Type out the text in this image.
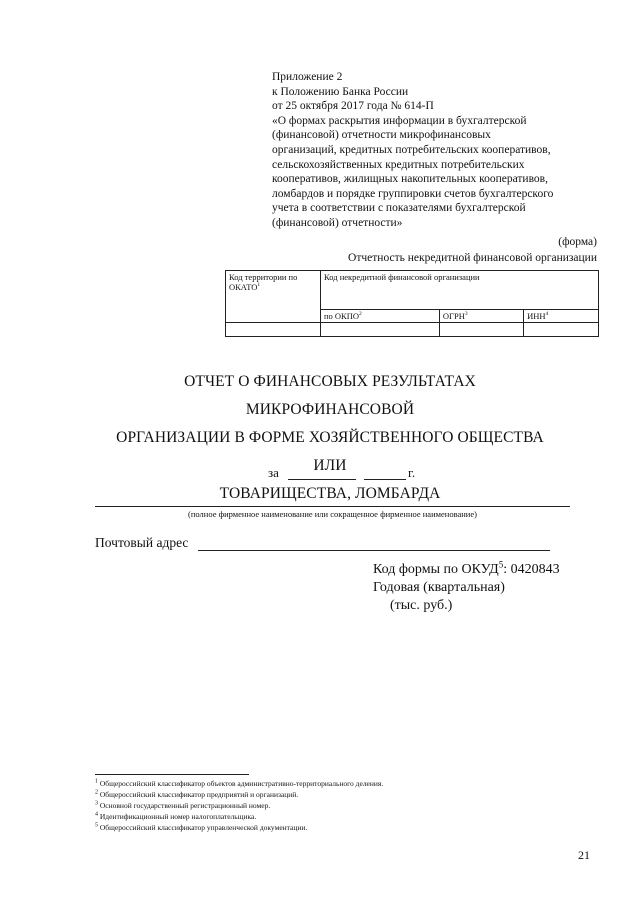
Приложение 2
к Положению Банка России
от 25 октября 2017 года № 614-П
«О формах раскрытия информации в бухгалтерской
(финансовой) отчетности микрофинансовых
организаций, кредитных потребительских кооперативов,
сельскохозяйственных кредитных потребительских
кооперативов, жилищных накопительных кооперативов,
ломбардов и порядке группировки счетов бухгалтерского
учета в соответствии с показателями бухгалтерской
(финансовой) отчетности»
(форма)
Отчетность некредитной финансовой организации
Код территории по ОКАТО$^1$	Код некредитной финансовой организации		
	по ОКПО$^2$	ОГРН$^3$	ИНН$^4$

ОТЧЕТ О ФИНАНСОВЫХ РЕЗУЛЬТАТАХ МИКРОФИНАНСОВОЙ
ОРГАНИЗАЦИИ В ФОРМЕ ХОЗЯЙСТВЕННОГО ОБЩЕСТВА ИЛИ
ТОВАРИЩЕСТВА, ЛОМБАРДА
за	г.
(полное фирменное наименование или сокращенное фирменное наименование)
Почтовый адрес
Код формы по ОКУД$^5$: 0420843
Годовая (квартальная)
(тыс. руб.)
$^1$ Общероссийский классификатор объектов административно-территориального деления.
$^2$ Общероссийский классификатор предприятий и организаций.
$^3$ Основной государственный регистрационный номер.
$^4$ Идентификационный номер налогоплательщика.
$^5$ Общероссийский классификатор управленческой документации.
21
